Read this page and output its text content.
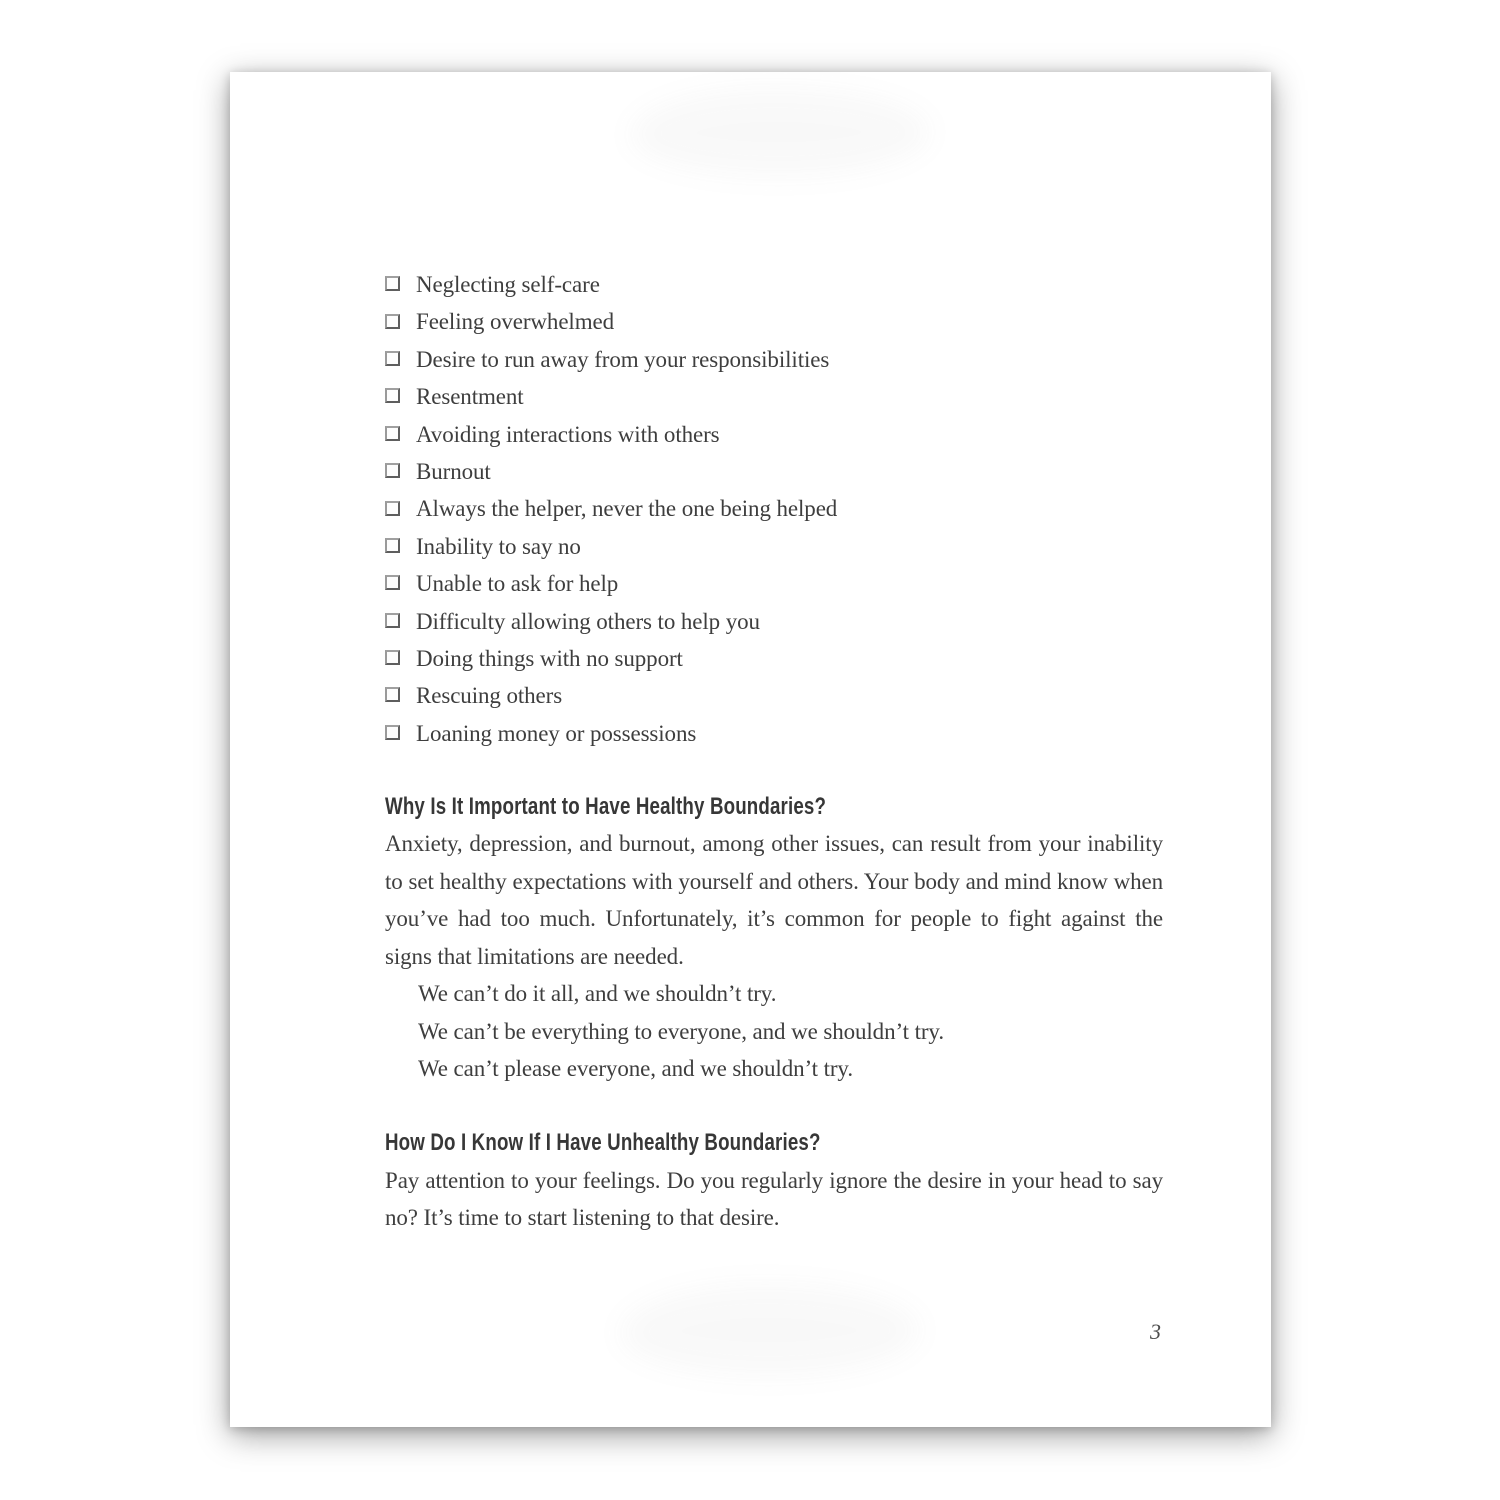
Neglecting self-care
Feeling overwhelmed
Desire to run away from your responsibilities
Resentment
Avoiding interactions with others
Burnout
Always the helper, never the one being helped
Inability to say no
Unable to ask for help
Difficulty allowing others to help you
Doing things with no support
Rescuing others
Loaning money or possessions
Why Is It Important to Have Healthy Boundaries?

Anxiety, depression, and burnout, among other issues, can result from your inability to set healthy expectations with yourself and others. Your body and mind know when you’ve had too much. Unfortunately, it’s common for people to fight against the signs that limitations are needed.

We can’t do it all, and we shouldn’t try.
We can’t be everything to everyone, and we shouldn’t try.
We can’t please everyone, and we shouldn’t try.
How Do I Know If I Have Unhealthy Boundaries?

Pay attention to your feelings. Do you regularly ignore the desire in your head to say no? It’s time to start listening to that desire.

3
